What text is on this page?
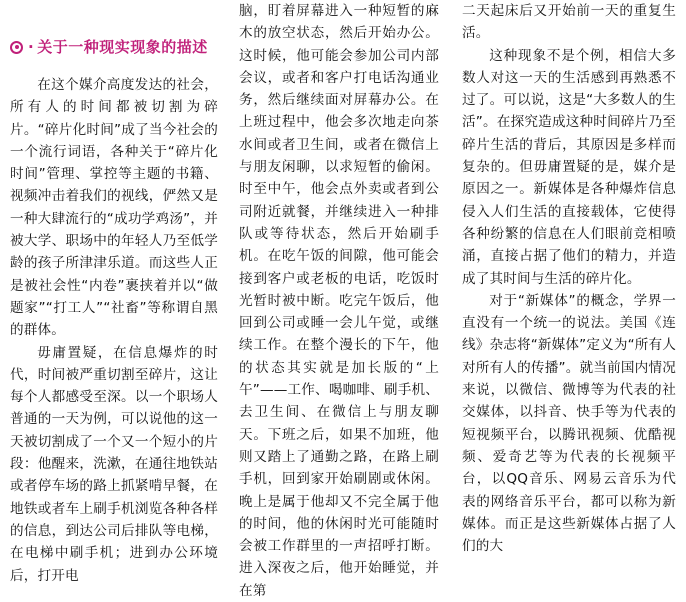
· 关于一种现实现象的描述

在这个媒介高度发达的社会，所有人的时间都被切割为碎片。“碎片化时间”成了当今社会的一个流行词语，各种关于“碎片化时间”管理、掌控等主题的书籍、视频冲击着我们的视线，俨然又是一种大肆流行的“成功学鸡汤”，并被大学、职场中的年轻人乃至低学龄的孩子所津津乐道。而这些人正是被社会性“内卷”裹挟着并以“做题家”“打工人”“社畜”等称谓自黑的群体。

毋庸置疑，在信息爆炸的时代，时间被严重切割至碎片，这让每个人都感受至深。以一个职场人普通的一天为例，可以说他的这一天被切割成了一个又一个短小的片段：他醒来，洗漱，在通往地铁站或者停车场的路上抓紧啃早餐，在地铁或者车上刷手机浏览各种各样的信息，到达公司后排队等电梯，在电梯中刷手机；进到办公环境后，打开电

脑，盯着屏幕进入一种短暂的麻木的放空状态，然后开始办公。这时候，他可能会参加公司内部会议，或者和客户打电话沟通业务，然后继续面对屏幕办公。在上班过程中，他会多次地走向茶水间或者卫生间，或者在微信上与朋友闲聊，以求短暂的偷闲。时至中午，他会点外卖或者到公司附近就餐，并继续进入一种排队或等待状态，然后开始刷手机。在吃午饭的间隙，他可能会接到客户或老板的电话，吃饭时光暂时被中断。吃完午饭后，他回到公司或睡一会儿午觉，或继续工作。在整个漫长的下午，他的状态其实就是加长版的“上午”——工作、喝咖啡、刷手机、去卫生间、在微信上与朋友聊天。下班之后，如果不加班，他则又踏上了通勤之路，在路上刷手机，回到家开始刷剧或休闲。晚上是属于他却又不完全属于他的时间，他的休闲时光可能随时会被工作群里的一声招呼打断。进入深夜之后，他开始睡觉，并在第

二天起床后又开始前一天的重复生活。

这种现象不是个例，相信大多数人对这一天的生活感到再熟悉不过了。可以说，这是“大多数人的生活”。在探究造成这种时间碎片乃至碎片生活的背后，其原因是多样而复杂的。但毋庸置疑的是，媒介是原因之一。新媒体是各种爆炸信息侵入人们生活的直接载体，它使得各种纷繁的信息在人们眼前竞相喷涌，直接占据了他们的精力，并造成了其时间与生活的碎片化。

对于“新媒体”的概念，学界一直没有一个统一的说法。美国《连线》杂志将“新媒体”定义为“所有人对所有人的传播”。就当前国内情况来说，以微信、微博等为代表的社交媒体，以抖音、快手等为代表的短视频平台，以腾讯视频、优酷视频、爱奇艺等为代表的长视频平台，以QQ音乐、网易云音乐为代表的网络音乐平台，都可以称为新媒体。而正是这些新媒体占据了人们的大
